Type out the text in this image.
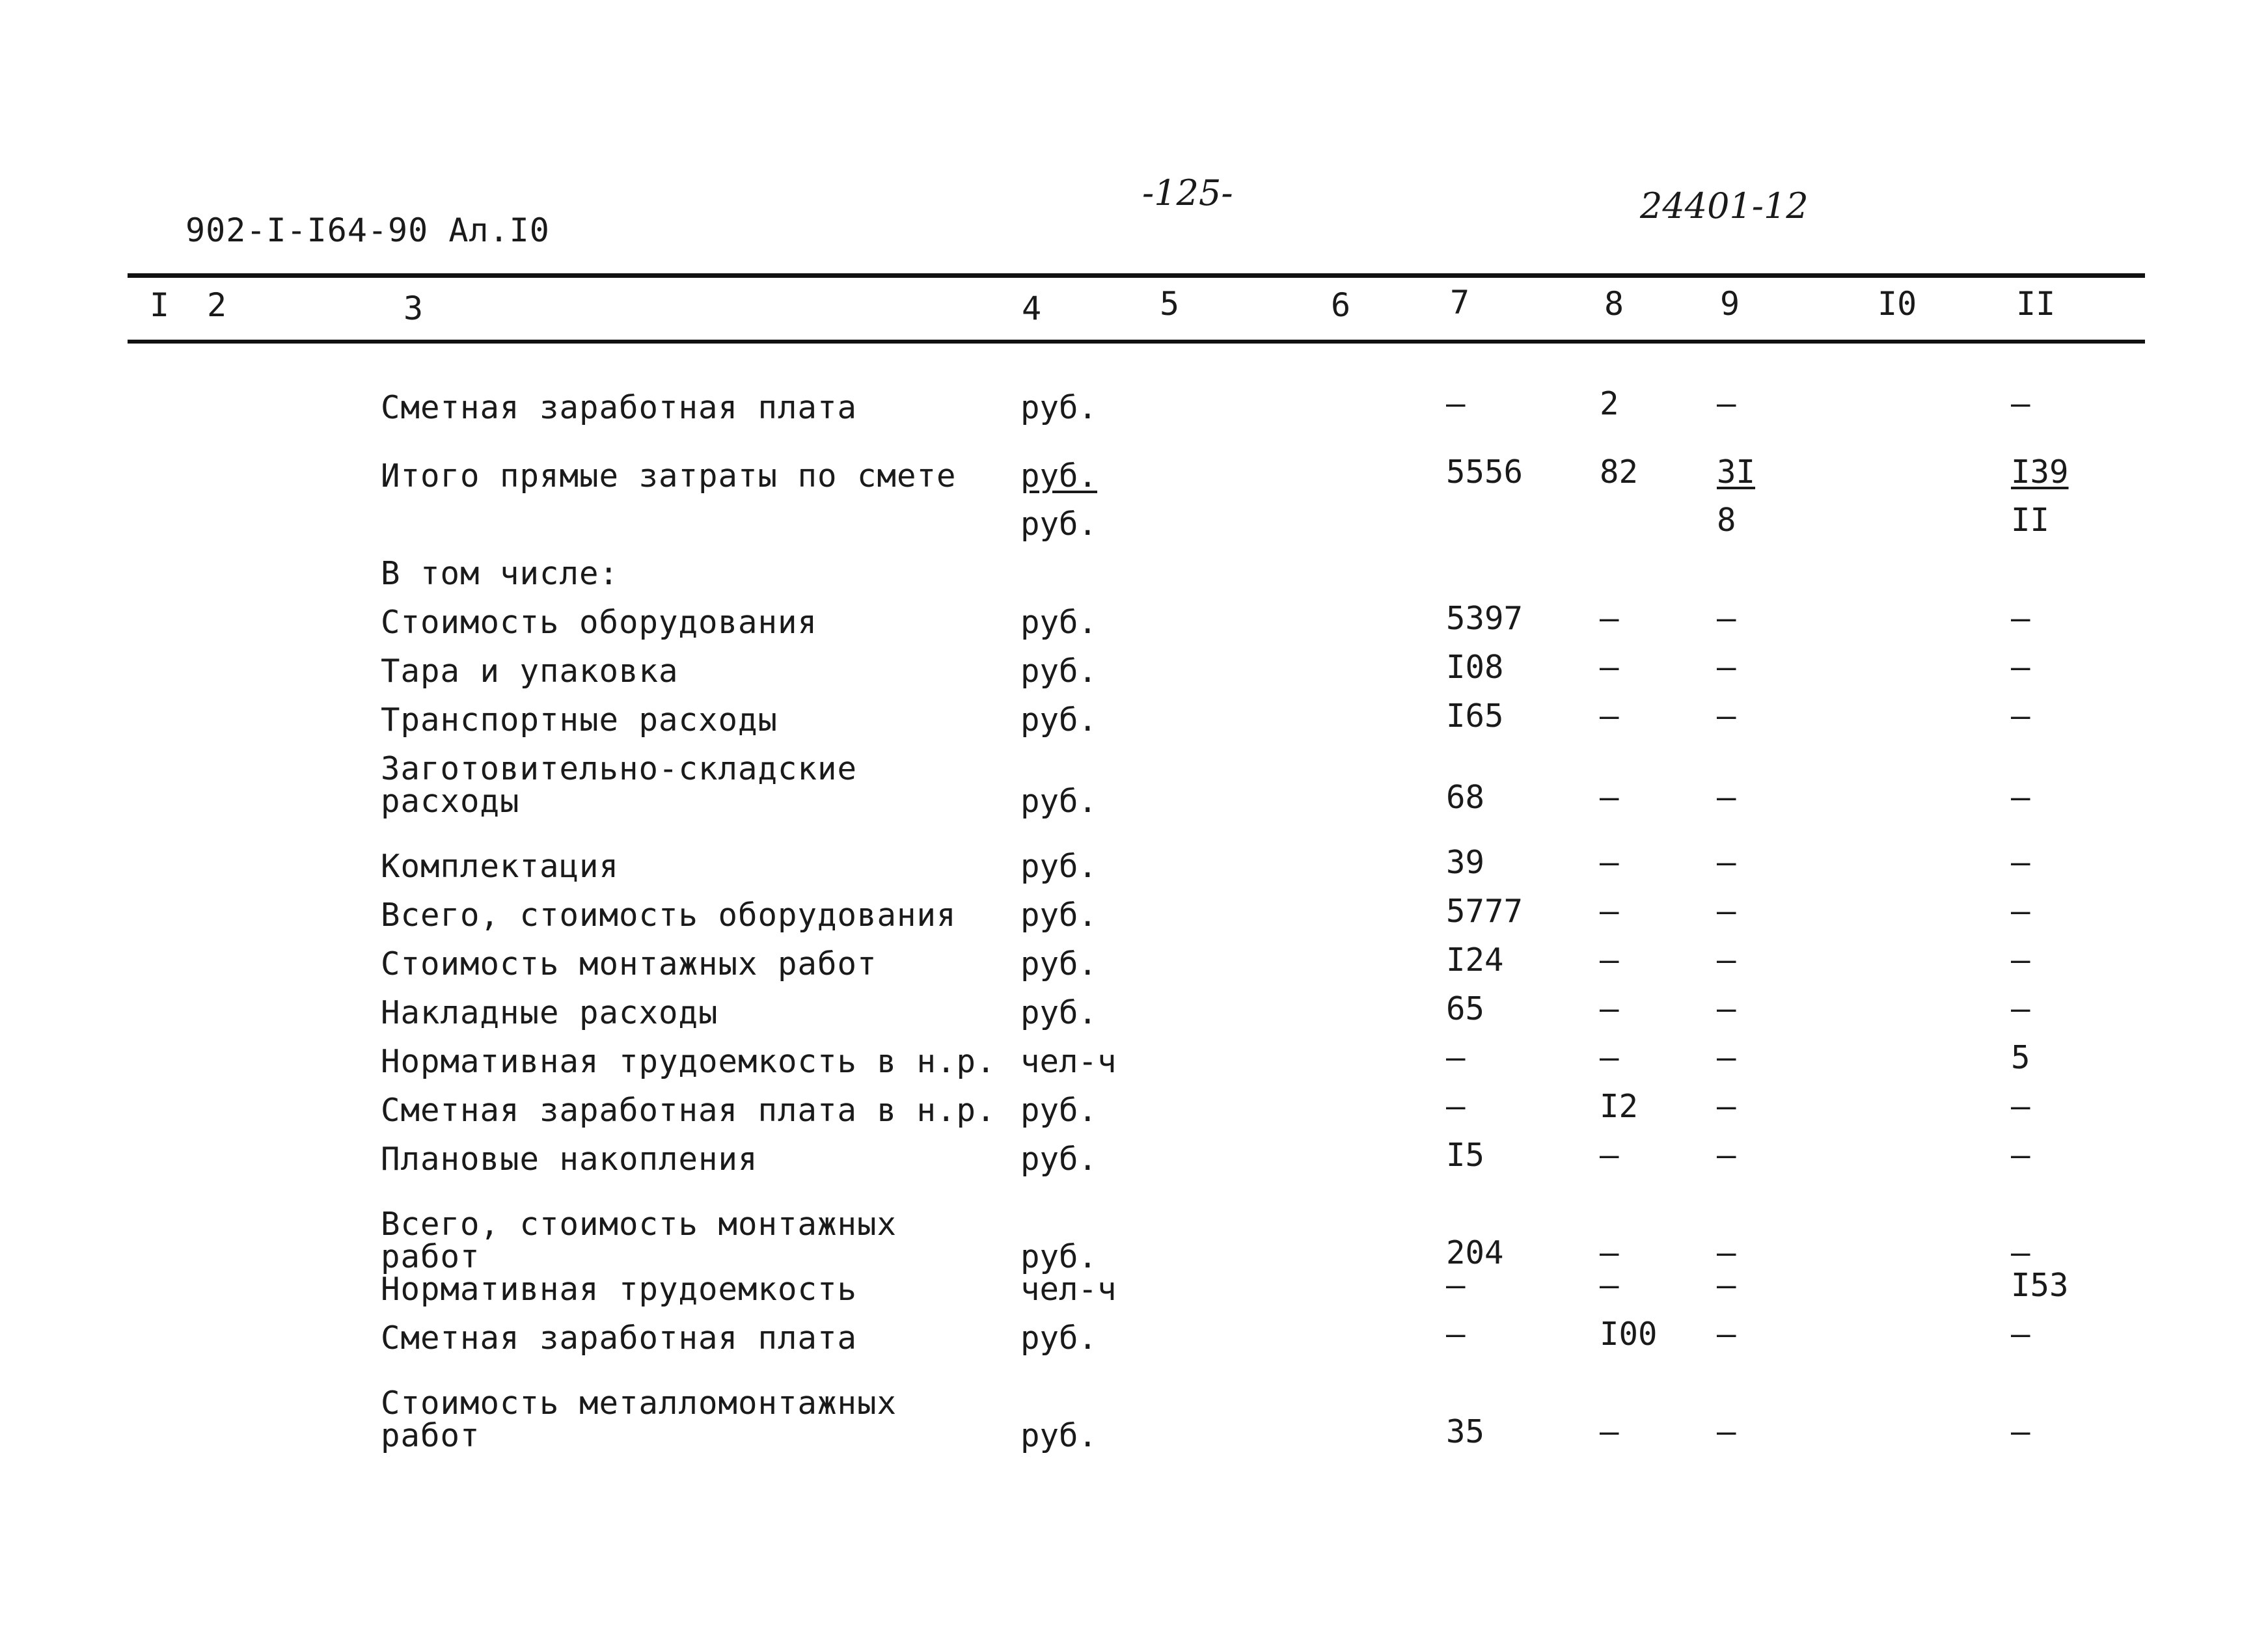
902-I-I64-90 Ал.I0
-125-	24401-12
I 2	3	4	5	6	7	8	9	I0	II
Сметная заработная плата	руб.	–	2	–	–
Итого прямые затраты по смете руб.	5556 82 3I	I39
руб.	8	II
В том числе:
Стоимость оборудования	руб.	5397 –	–	–
Тара и упаковка	руб.	I08	–	–	–
Транспортные расходы	руб.	I65	–	–	–
Заготовительно-складские
расходы	руб.	68	–	–	–
Комплектация	руб.	39	–	–	–
Всего, стоимость оборудования руб.	5777 –	–	–
Стоимость монтажных работ	руб.	I24	–	–	–
Накладные расходы	руб.	65	–	–	–
Нормативная трудоемкость в н.р. чел-ч	–	–	–	5
Сметная заработная плата в н.р. руб.	–	I2 –	–
Плановые накопления	руб.	I5	–	–	–
Всего, стоимость монтажных
работ	руб.	204	–	–	–
Нормативная трудоемкость	чел-ч	–	–	–	I53
Сметная заработная плата	руб.	–	I00 –	–
Стоимость металломонтажных
работ	руб.	35	–	–	–
